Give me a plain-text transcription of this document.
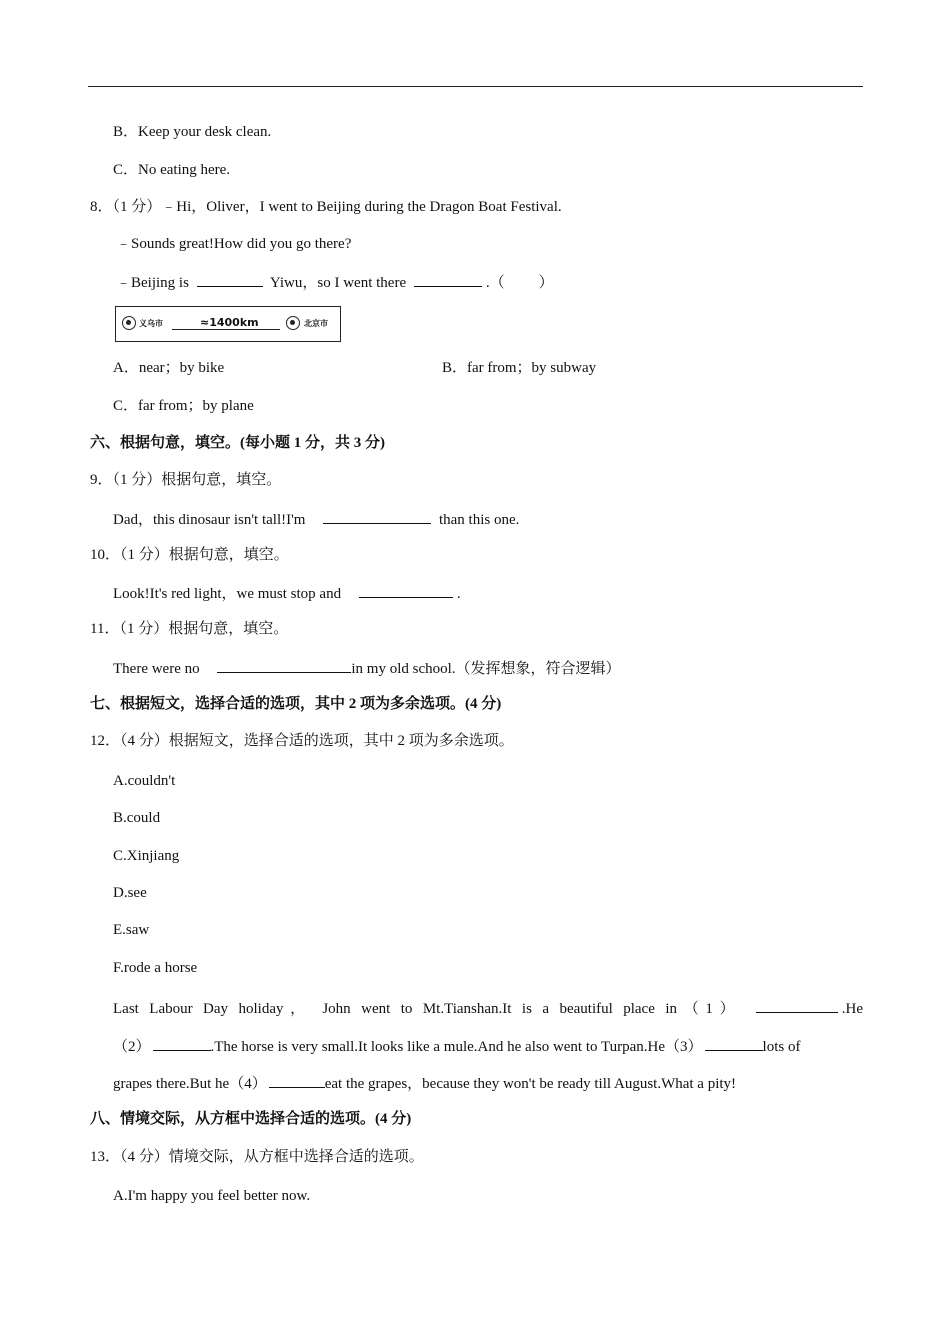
B．Keep your desk clean.
C．No eating here.
8．（1 分）﹣Hi，Oliver，I went to Beijing during the Dragon Boat Festival.
﹣Sounds great!How did you go there?
﹣Beijing is	Yiwu，so I went there	.（ ）
义乌市	≈1400km	北京市
A．near；by bike	B．far from；by subway
C．far from；by plane
六、根据句意，填空。(每小题 1 分，共 3 分)
9．（1 分）根据句意，填空。
Dad，this dinosaur isn't tall!I'm	than this one.
10．（1 分）根据句意，填空。
Look!It's red light，we must stop and	.
11．（1 分）根据句意，填空。
There were no	in my old school.（发挥想象，符合逻辑）
七、根据短文，选择合适的选项，其中 2 项为多余选项。(4 分)
12．（4 分）根据短文，选择合适的选项，其中 2 项为多余选项。
A.couldn't
B.could
C.Xinjiang
D.see
E.saw
F.rode a horse
Last Labour Day holiday， John went to Mt.Tianshan.It is a beautiful place in（1）	.He
（2）	.The horse is very small.It looks like a mule.And he also went to Turpan.He（3）	lots of
grapes there.But he（4）	eat the grapes，because they won't be ready till August.What a pity!
八、情境交际，从方框中选择合适的选项。(4 分)
13．（4 分）情境交际，从方框中选择合适的选项。
A.I'm happy you feel better now.
